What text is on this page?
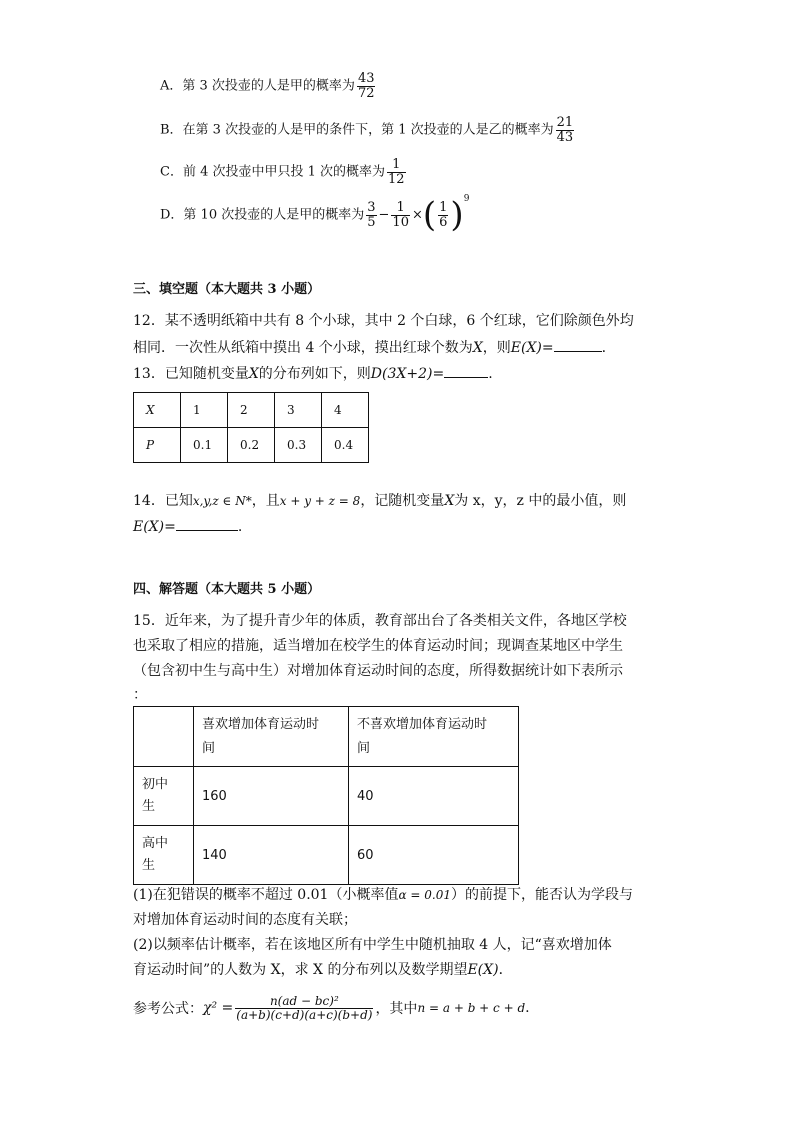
A．第 3 次投壶的人是甲的概率为 $\frac{43}{72}$
B．在第 3 次投壶的人是甲的条件下，第 1 次投壶的人是乙的概率为 $\frac{21}{43}$
C．前 4 次投壶中甲只投 1 次的概率为 $\frac{1}{12}$
D．第 10 次投壶的人是甲的概率为 $\frac{3}{5} - \frac{1}{10}$ ×( $\frac{1}{6} )^9$
三、填空题（本大题共 3 小题）
12．某不透明纸箱中共有 8 个小球，其中 2 个白球，6 个红球，它们除颜色外均
相同．一次性从纸箱中摸出 4 个小球，摸出红球个数为X，则E(X)=	.
13．已知随机变量X的分布列如下，则D(3X+2)=	.
X	1	2	3	4
P	0.1	0.2	0.3	0.4
14．已知x,y,z ∈ N*，且x + y + z = 8，记随机变量X为 x，y，z 中的最小值，则
E(X)=	.
四、解答题（本大题共 5 小题）
15．近年来，为了提升青少年的体质，教育部出台了各类相关文件，各地区学校
也采取了相应的措施，适当增加在校学生的体育运动时间；现调查某地区中学生
（包含初中生与高中生）对增加体育运动时间的态度，所得数据统计如下表所示
：
	喜欢增加体育运动时
间	不喜欢增加体育运动时
间
初中
生	160	40
高中
生	140	60
(1)在犯错误的概率不超过 0.01（小概率值α = 0.01）的前提下，能否认为学段与
对增加体育运动时间的态度有关联；
(2)以频率估计概率，若在该地区所有中学生中随机抽取 4 人，记“喜欢增加体
育运动时间”的人数为 X，求 X 的分布列以及数学期望E(X)．
参考公式：$\chi^2 = \frac{\text{n(ad − bc)²}}{(a+b)(c+d)(a+c)(b+d)}$ ，其中n = a + b + c + d.
